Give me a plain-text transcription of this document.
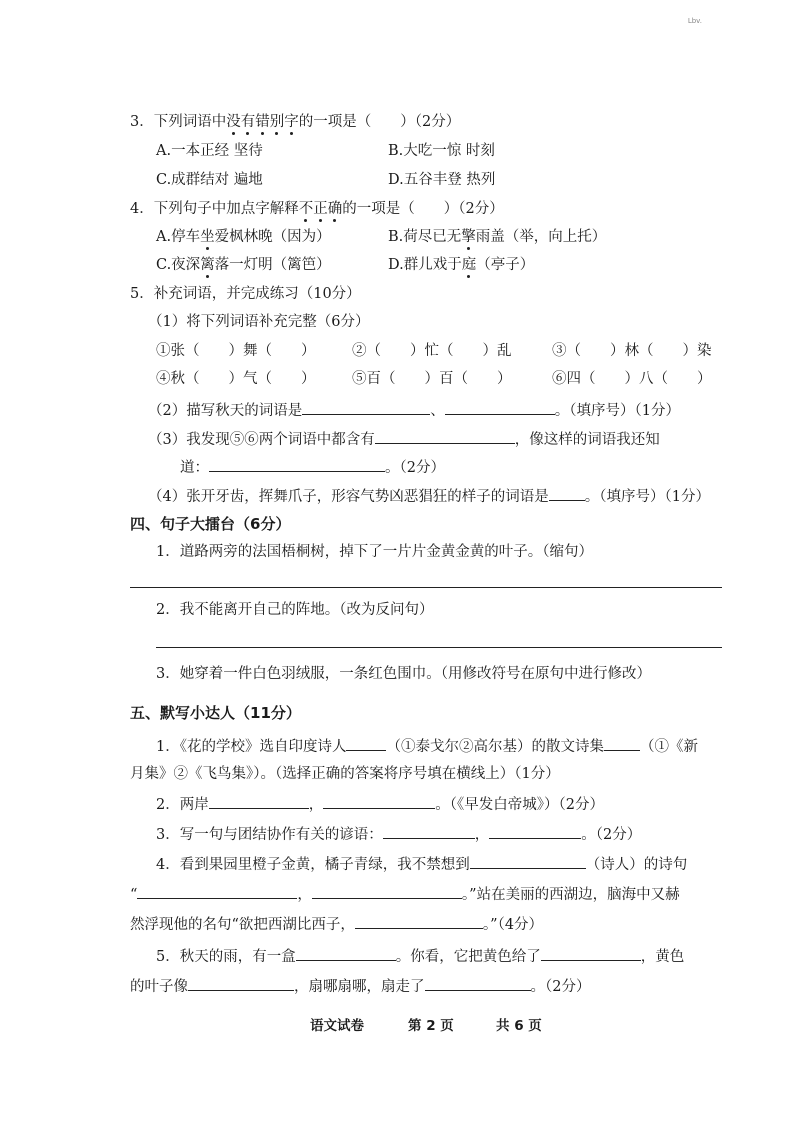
Lbv.
3．下列词语中没有错别字的一项是（　　）（2分）
A.一本正经 坚待	B.大吃一惊 时刻
C.成群结对 遍地	D.五谷丰登 热列
4．下列句子中加点字解释不正确的一项是（　　）（2分）
A.停车坐爱枫林晚（因为）	B.荷尽已无擎雨盖（举，向上托）
C.夜深篱落一灯明（篱笆）	D.群儿戏于庭（亭子）
5．补充词语，并完成练习（10分）
（1）将下列词语补充完整（6分）
①张（　　）舞（　　）	②（　　）忙（　　）乱	③（　　）林（　　）染
④秋（　　）气（　　）	⑤百（　　）百（　　）	⑥四（　　）八（　　）
（2）描写秋天的词语是	、	。（填序号）（1分）
（3）我发现⑤⑥两个词语中都含有	，像这样的词语我还知
道：	。（2分）
（4）张开牙齿，挥舞爪子，形容气势凶恶猖狂的样子的词语是 。（填序号）（1分）
四、句子大擂台（6分）
1．道路两旁的法国梧桐树，掉下了一片片金黄金黄的叶子。（缩句）
2．我不能离开自己的阵地。（改为反问句）
3．她穿着一件白色羽绒服，一条红色围巾。（用修改符号在原句中进行修改）
五、默写小达人（11分）
1．《花的学校》选自印度诗人	（①泰戈尔②高尔基）的散文诗集 （①《新
月集》②《飞鸟集》）。（选择正确的答案将序号填在横线上）（1分）
2．两岸	，	。（《早发白帝城》）（2分）
3．写一句与团结协作有关的谚语：	，	。（2分）
4．看到果园里橙子金黄，橘子青绿，我不禁想到	（诗人）的诗句
“	，	。”站在美丽的西湖边，脑海中又赫
然浮现他的名句“欲把西湖比西子，	。”（4分）
5．秋天的雨，有一盒	。你看，它把黄色给了	，黄色
的叶子像	，扇哪扇哪，扇走了	。（2分）
语文试卷	第 2 页	共 6 页
